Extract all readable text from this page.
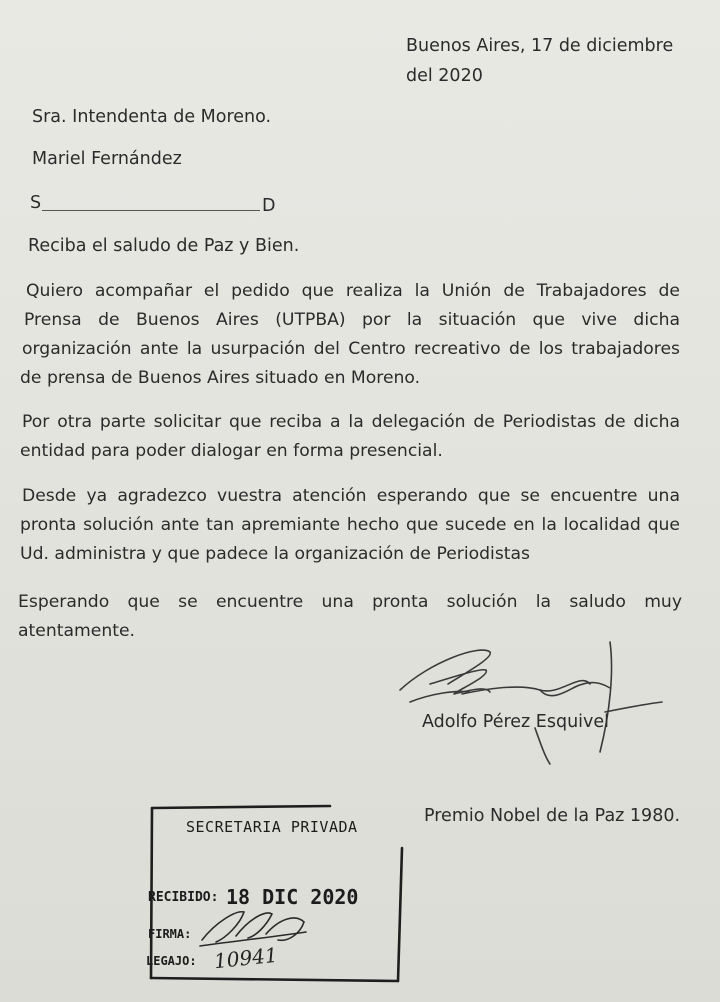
Buenos Aires, 17 de diciembre
del 2020
Sra. Intendenta de Moreno.
Mariel Fernández
S	D
Reciba el saludo de Paz y Bien.
Quiero acompañar el pedido que realiza la Unión de Trabajadores de
Prensa de Buenos Aires (UTPBA) por la situación que vive dicha
organización ante la usurpación del Centro recreativo de los trabajadores
de prensa de Buenos Aires situado en Moreno.
Por otra parte solicitar que reciba a la delegación de Periodistas de dicha
entidad para poder dialogar en forma presencial.
Desde ya agradezco vuestra atención esperando que se encuentre una
pronta solución ante tan apremiante hecho que sucede en la localidad que
Ud. administra y que padece la organización de Periodistas
Esperando que se encuentre una pronta solución la saludo muy
atentamente.
Adolfo Pérez Esquivel
Premio Nobel de la Paz 1980.
SECRETARIA PRIVADA
RECIBIDO: 18 DIC 2020
FIRMA:
LEGAJO: 10941
